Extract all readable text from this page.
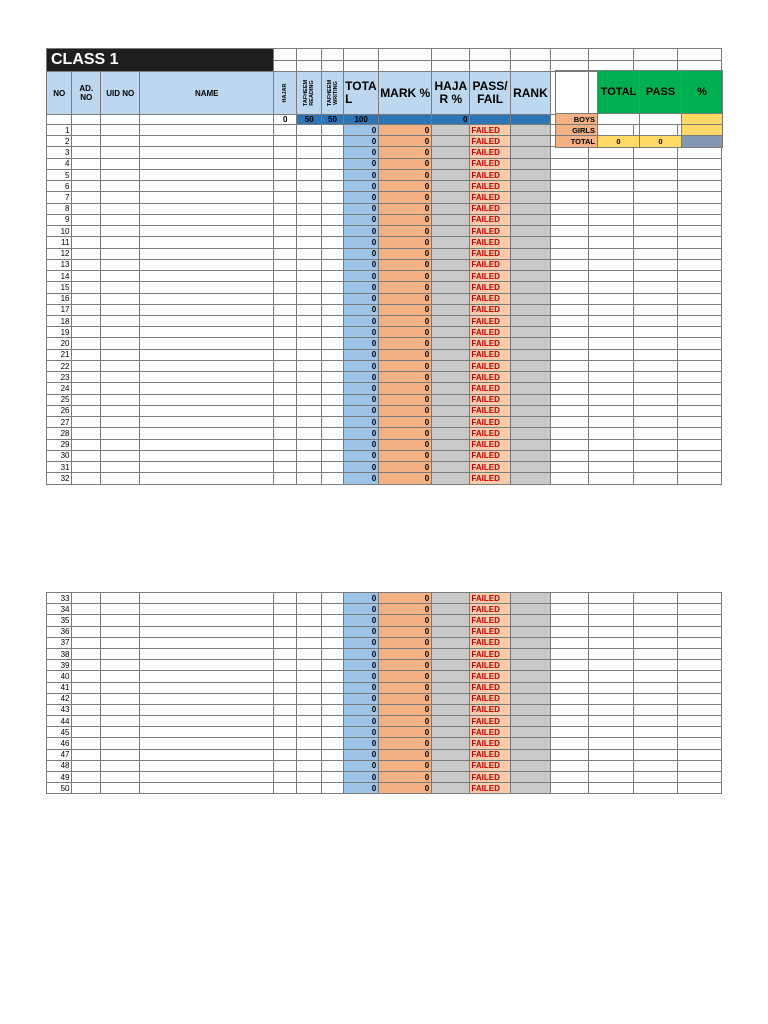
CLASS 1															

NO	AD. NO	UID NO	NAME	HAJAR	TAFHEEM READING	TAFHEEM WRITING	TOTA L	MARK %	HAJA R %	PASS/ FAIL	RANK				
				0	50	50	100		0						
1							0	0		FAILED					
2							0	0		FAILED					
3							0	0		FAILED					
4							0	0		FAILED					
5							0	0		FAILED					
6							0	0		FAILED					
7							0	0		FAILED					
8							0	0		FAILED					
9							0	0		FAILED					
10							0	0		FAILED					
11							0	0		FAILED					
12							0	0		FAILED					
13							0	0		FAILED					
14							0	0		FAILED					
15							0	0		FAILED					
16							0	0		FAILED					
17							0	0		FAILED					
18							0	0		FAILED					
19							0	0		FAILED					
20							0	0		FAILED					
21							0	0		FAILED					
22							0	0		FAILED					
23							0	0		FAILED					
24							0	0		FAILED					
25							0	0		FAILED					
26							0	0		FAILED					
27							0	0		FAILED					
28							0	0		FAILED					
29							0	0		FAILED					
30							0	0		FAILED					
31							0	0		FAILED					
32							0	0		FAILED					
	TOTAL	PASS	%
BOYS			
GIRLS			
TOTAL	0	0	
33							0	0		FAILED					
34							0	0		FAILED					
35							0	0		FAILED					
36							0	0		FAILED					
37							0	0		FAILED					
38							0	0		FAILED					
39							0	0		FAILED					
40							0	0		FAILED					
41							0	0		FAILED					
42							0	0		FAILED					
43							0	0		FAILED					
44							0	0		FAILED					
45							0	0		FAILED					
46							0	0		FAILED					
47							0	0		FAILED					
48							0	0		FAILED					
49							0	0		FAILED					
50							0	0		FAILED					
